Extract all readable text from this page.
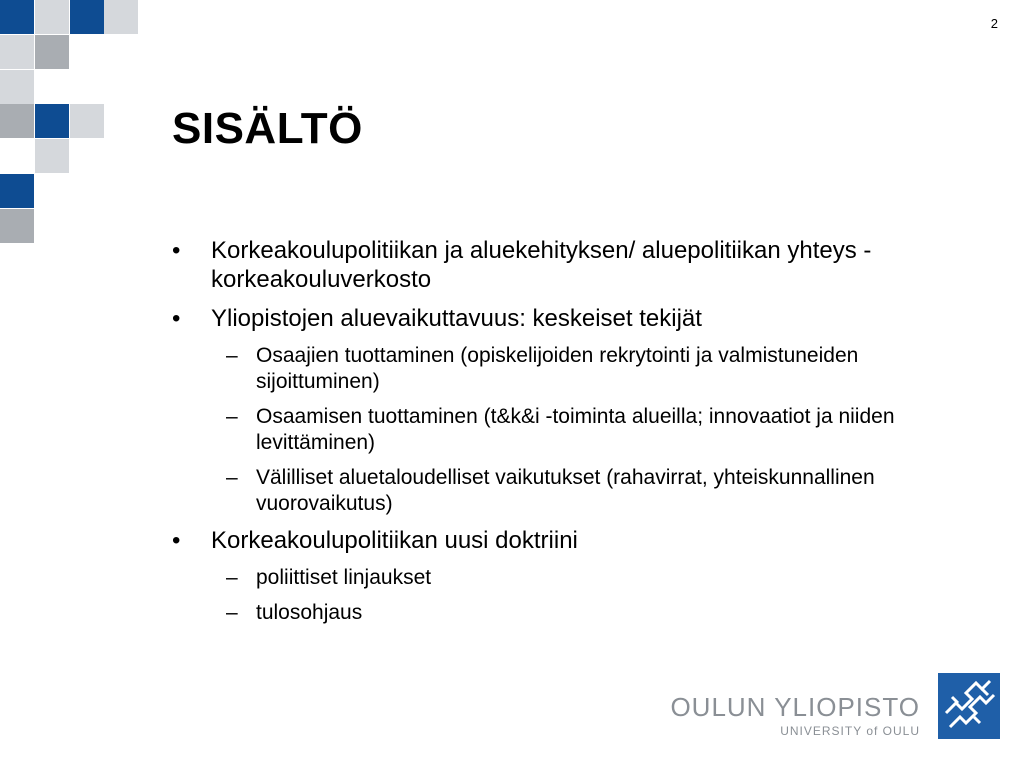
2
SISÄLTÖ
• Korkeakoulupolitiikan ja aluekehityksen/ aluepolitiikan yhteys - korkeakouluverkosto
• Yliopistojen aluevaikuttavuus: keskeiset tekijät
– Osaajien tuottaminen (opiskelijoiden rekrytointi ja valmistuneiden sijoittuminen)
– Osaamisen tuottaminen (t&k&i -toiminta alueilla; innovaatiot ja niiden levittäminen)
– Välilliset aluetaloudelliset vaikutukset (rahavirrat, yhteiskunnallinen vuorovaikutus)
• Korkeakoulupolitiikan uusi doktriini
– poliittiset linjaukset
– tulosohjaus
OULUN YLIOPISTO
UNIVERSITY of OULU
